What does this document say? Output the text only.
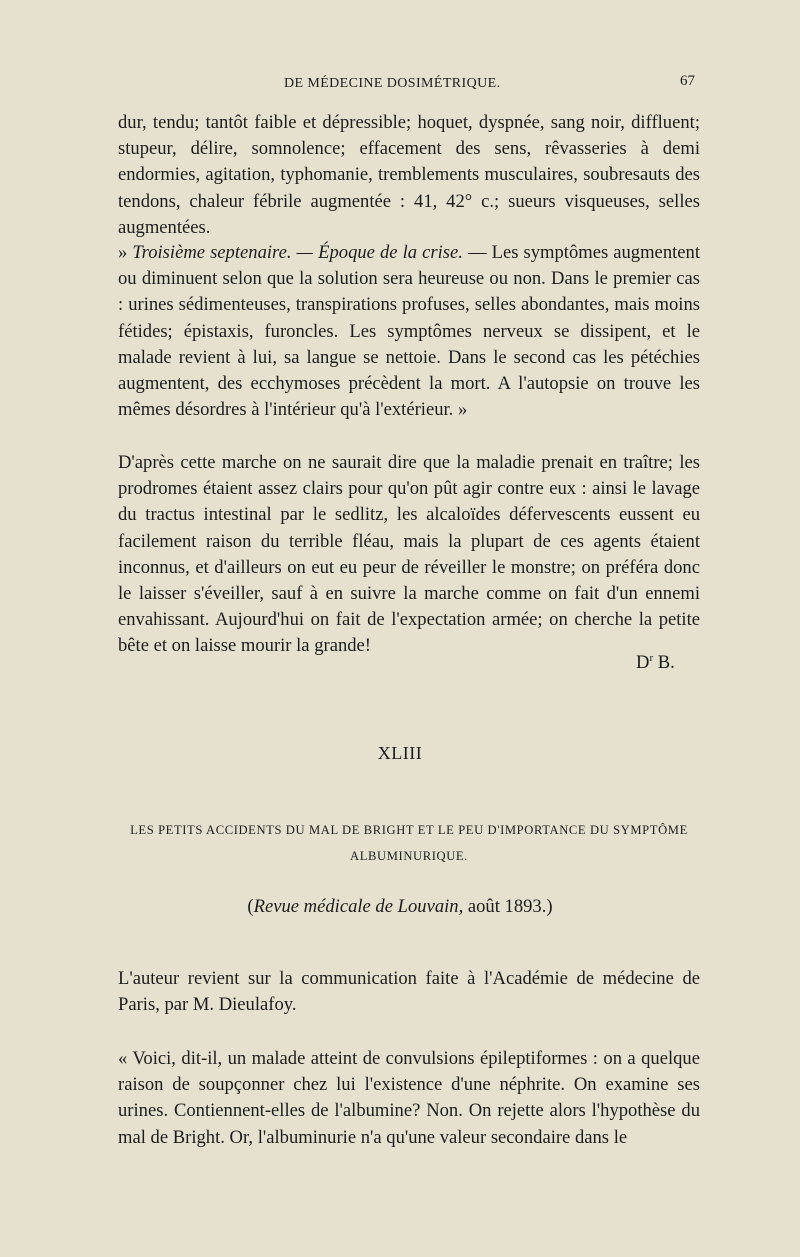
DE MÉDECINE DOSIMÉTRIQUE.	67

dur, tendu; tantôt faible et dépressible; hoquet, dyspnée, sang noir, diffluent; stupeur, délire, somnolence; effacement des sens, rêvasseries à demi endormies, agitation, typhomanie, tremblements musculaires, soubresauts des tendons, chaleur fébrile augmentée : 41, 42° c.; sueurs visqueuses, selles augmentées.

» Troisième septenaire. — Époque de la crise. — Les symptômes augmentent ou diminuent selon que la solution sera heureuse ou non. Dans le premier cas : urines sédimenteuses, transpirations profuses, selles abondantes, mais moins fétides; épistaxis, furoncles. Les symptômes nerveux se dissipent, et le malade revient à lui, sa langue se nettoie. Dans le second cas les pétéchies augmentent, des ecchymoses précèdent la mort. A l'autopsie on trouve les mêmes désordres à l'intérieur qu'à l'extérieur. »

D'après cette marche on ne saurait dire que la maladie prenait en traître; les prodromes étaient assez clairs pour qu'on pût agir contre eux : ainsi le lavage du tractus intestinal par le sedlitz, les alcaloïdes défervescents eussent eu facilement raison du terrible fléau, mais la plupart de ces agents étaient inconnus, et d'ailleurs on eut eu peur de réveiller le monstre; on préféra donc le laisser s'éveiller, sauf à en suivre la marche comme on fait d'un ennemi envahissant. Aujourd'hui on fait de l'expectation armée; on cherche la petite bête et on laisse mourir la grande!

$D^r$ B.
XLIII

LES PETITS ACCIDENTS DU MAL DE BRIGHT ET LE PEU D'IMPORTANCE DU SYMPTÔME ALBUMINURIQUE.

(Revue médicale de Louvain, août 1893.)

L'auteur revient sur la communication faite à l'Académie de médecine de Paris, par M. Dieulafoy.

« Voici, dit-il, un malade atteint de convulsions épileptiformes : on a quelque raison de soupçonner chez lui l'existence d'une néphrite. On examine ses urines. Contiennent-elles de l'albumine? Non. On rejette alors l'hypothèse du mal de Bright. Or, l'albuminurie n'a qu'une valeur secondaire dans le
